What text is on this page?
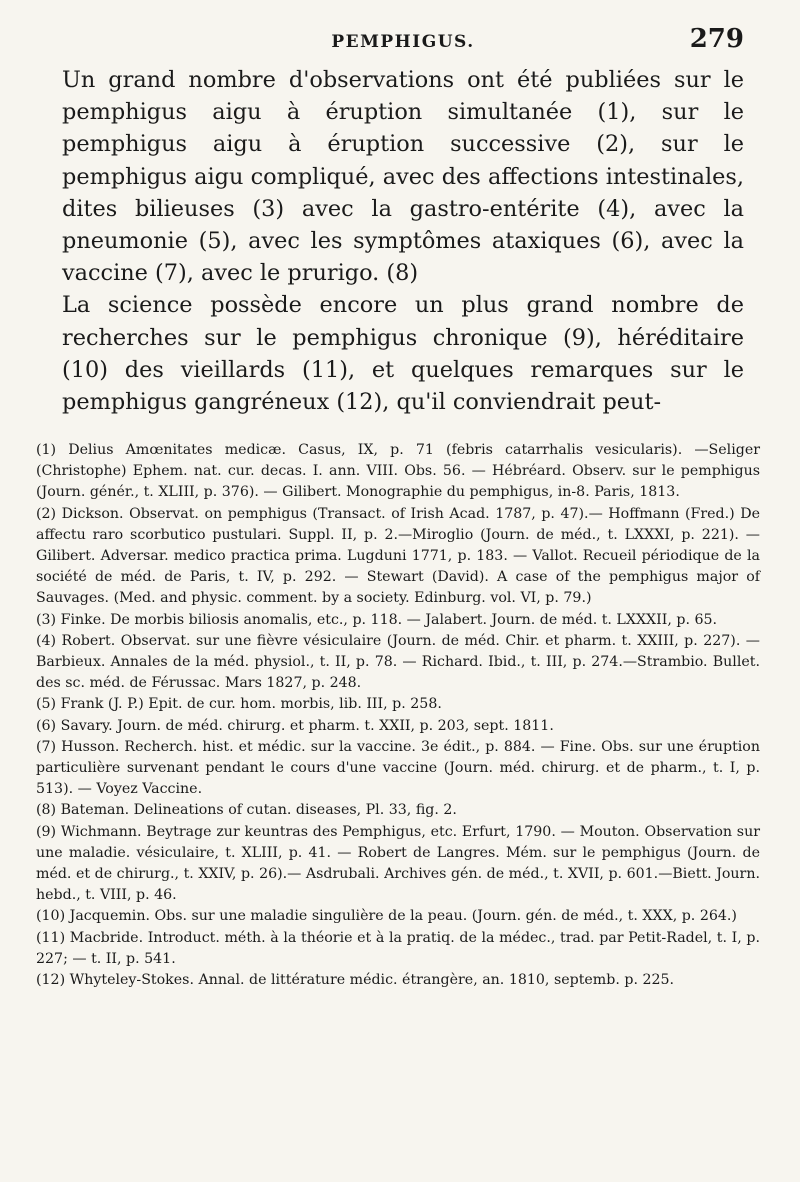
PEMPHIGUS.	279

Un grand nombre d'observations ont été publiées sur le pemphigus aigu à éruption simultanée (1), sur le pemphigus aigu à éruption successive (2), sur le pemphigus aigu compliqué, avec des affections intestinales, dites bilieuses (3) avec la gastro-entérite (4), avec la pneumonie (5), avec les symptômes ataxiques (6), avec la vaccine (7), avec le prurigo. (8)

La science possède encore un plus grand nombre de recherches sur le pemphigus chronique (9), héréditaire (10) des vieillards (11), et quelques remarques sur le pemphigus gangréneux (12), qu'il conviendrait peut-

(1) Delius Amœnitates medicæ. Casus, IX, p. 71 (febris catarrhalis vesicularis). —Seliger (Christophe) Ephem. nat. cur. decas. I. ann. VIII. Obs. 56. — Hébréard. Observ. sur le pemphigus (Journ. génér., t. XLIII, p. 376). — Gilibert. Monographie du pemphigus, in-8. Paris, 1813.

(2) Dickson. Observat. on pemphigus (Transact. of Irish Acad. 1787, p. 47).— Hoffmann (Fred.) De affectu raro scorbutico pustulari. Suppl. II, p. 2.—Miroglio (Journ. de méd., t. LXXXI, p. 221). — Gilibert. Adversar. medico practica prima. Lugduni 1771, p. 183. — Vallot. Recueil périodique de la société de méd. de Paris, t. IV, p. 292. — Stewart (David). A case of the pemphigus major of Sauvages. (Med. and physic. comment. by a society. Edinburg. vol. VI, p. 79.)

(3) Finke. De morbis biliosis anomalis, etc., p. 118. — Jalabert. Journ. de méd. t. LXXXII, p. 65.

(4) Robert. Observat. sur une fièvre vésiculaire (Journ. de méd. Chir. et pharm. t. XXIII, p. 227). — Barbieux. Annales de la méd. physiol., t. II, p. 78. — Richard. Ibid., t. III, p. 274.—Strambio. Bullet. des sc. méd. de Férussac. Mars 1827, p. 248.

(5) Frank (J. P.) Epit. de cur. hom. morbis, lib. III, p. 258.

(6) Savary. Journ. de méd. chirurg. et pharm. t. XXII, p. 203, sept. 1811.

(7) Husson. Recherch. hist. et médic. sur la vaccine. 3e édit., p. 884. — Fine. Obs. sur une éruption particulière survenant pendant le cours d'une vaccine (Journ. méd. chirurg. et de pharm., t. I, p. 513). — Voyez Vaccine.

(8) Bateman. Delineations of cutan. diseases, Pl. 33, fig. 2.

(9) Wichmann. Beytrage zur keuntras des Pemphigus, etc. Erfurt, 1790. — Mouton. Observation sur une maladie. vésiculaire, t. XLIII, p. 41. — Robert de Langres. Mém. sur le pemphigus (Journ. de méd. et de chirurg., t. XXIV, p. 26).— Asdrubali. Archives gén. de méd., t. XVII, p. 601.—Biett. Journ. hebd., t. VIII, p. 46.

(10) Jacquemin. Obs. sur une maladie singulière de la peau. (Journ. gén. de méd., t. XXX, p. 264.)

(11) Macbride. Introduct. méth. à la théorie et à la pratiq. de la médec., trad. par Petit-Radel, t. I, p. 227; — t. II, p. 541.

(12) Whyteley-Stokes. Annal. de littérature médic. étrangère, an. 1810, septemb. p. 225.
